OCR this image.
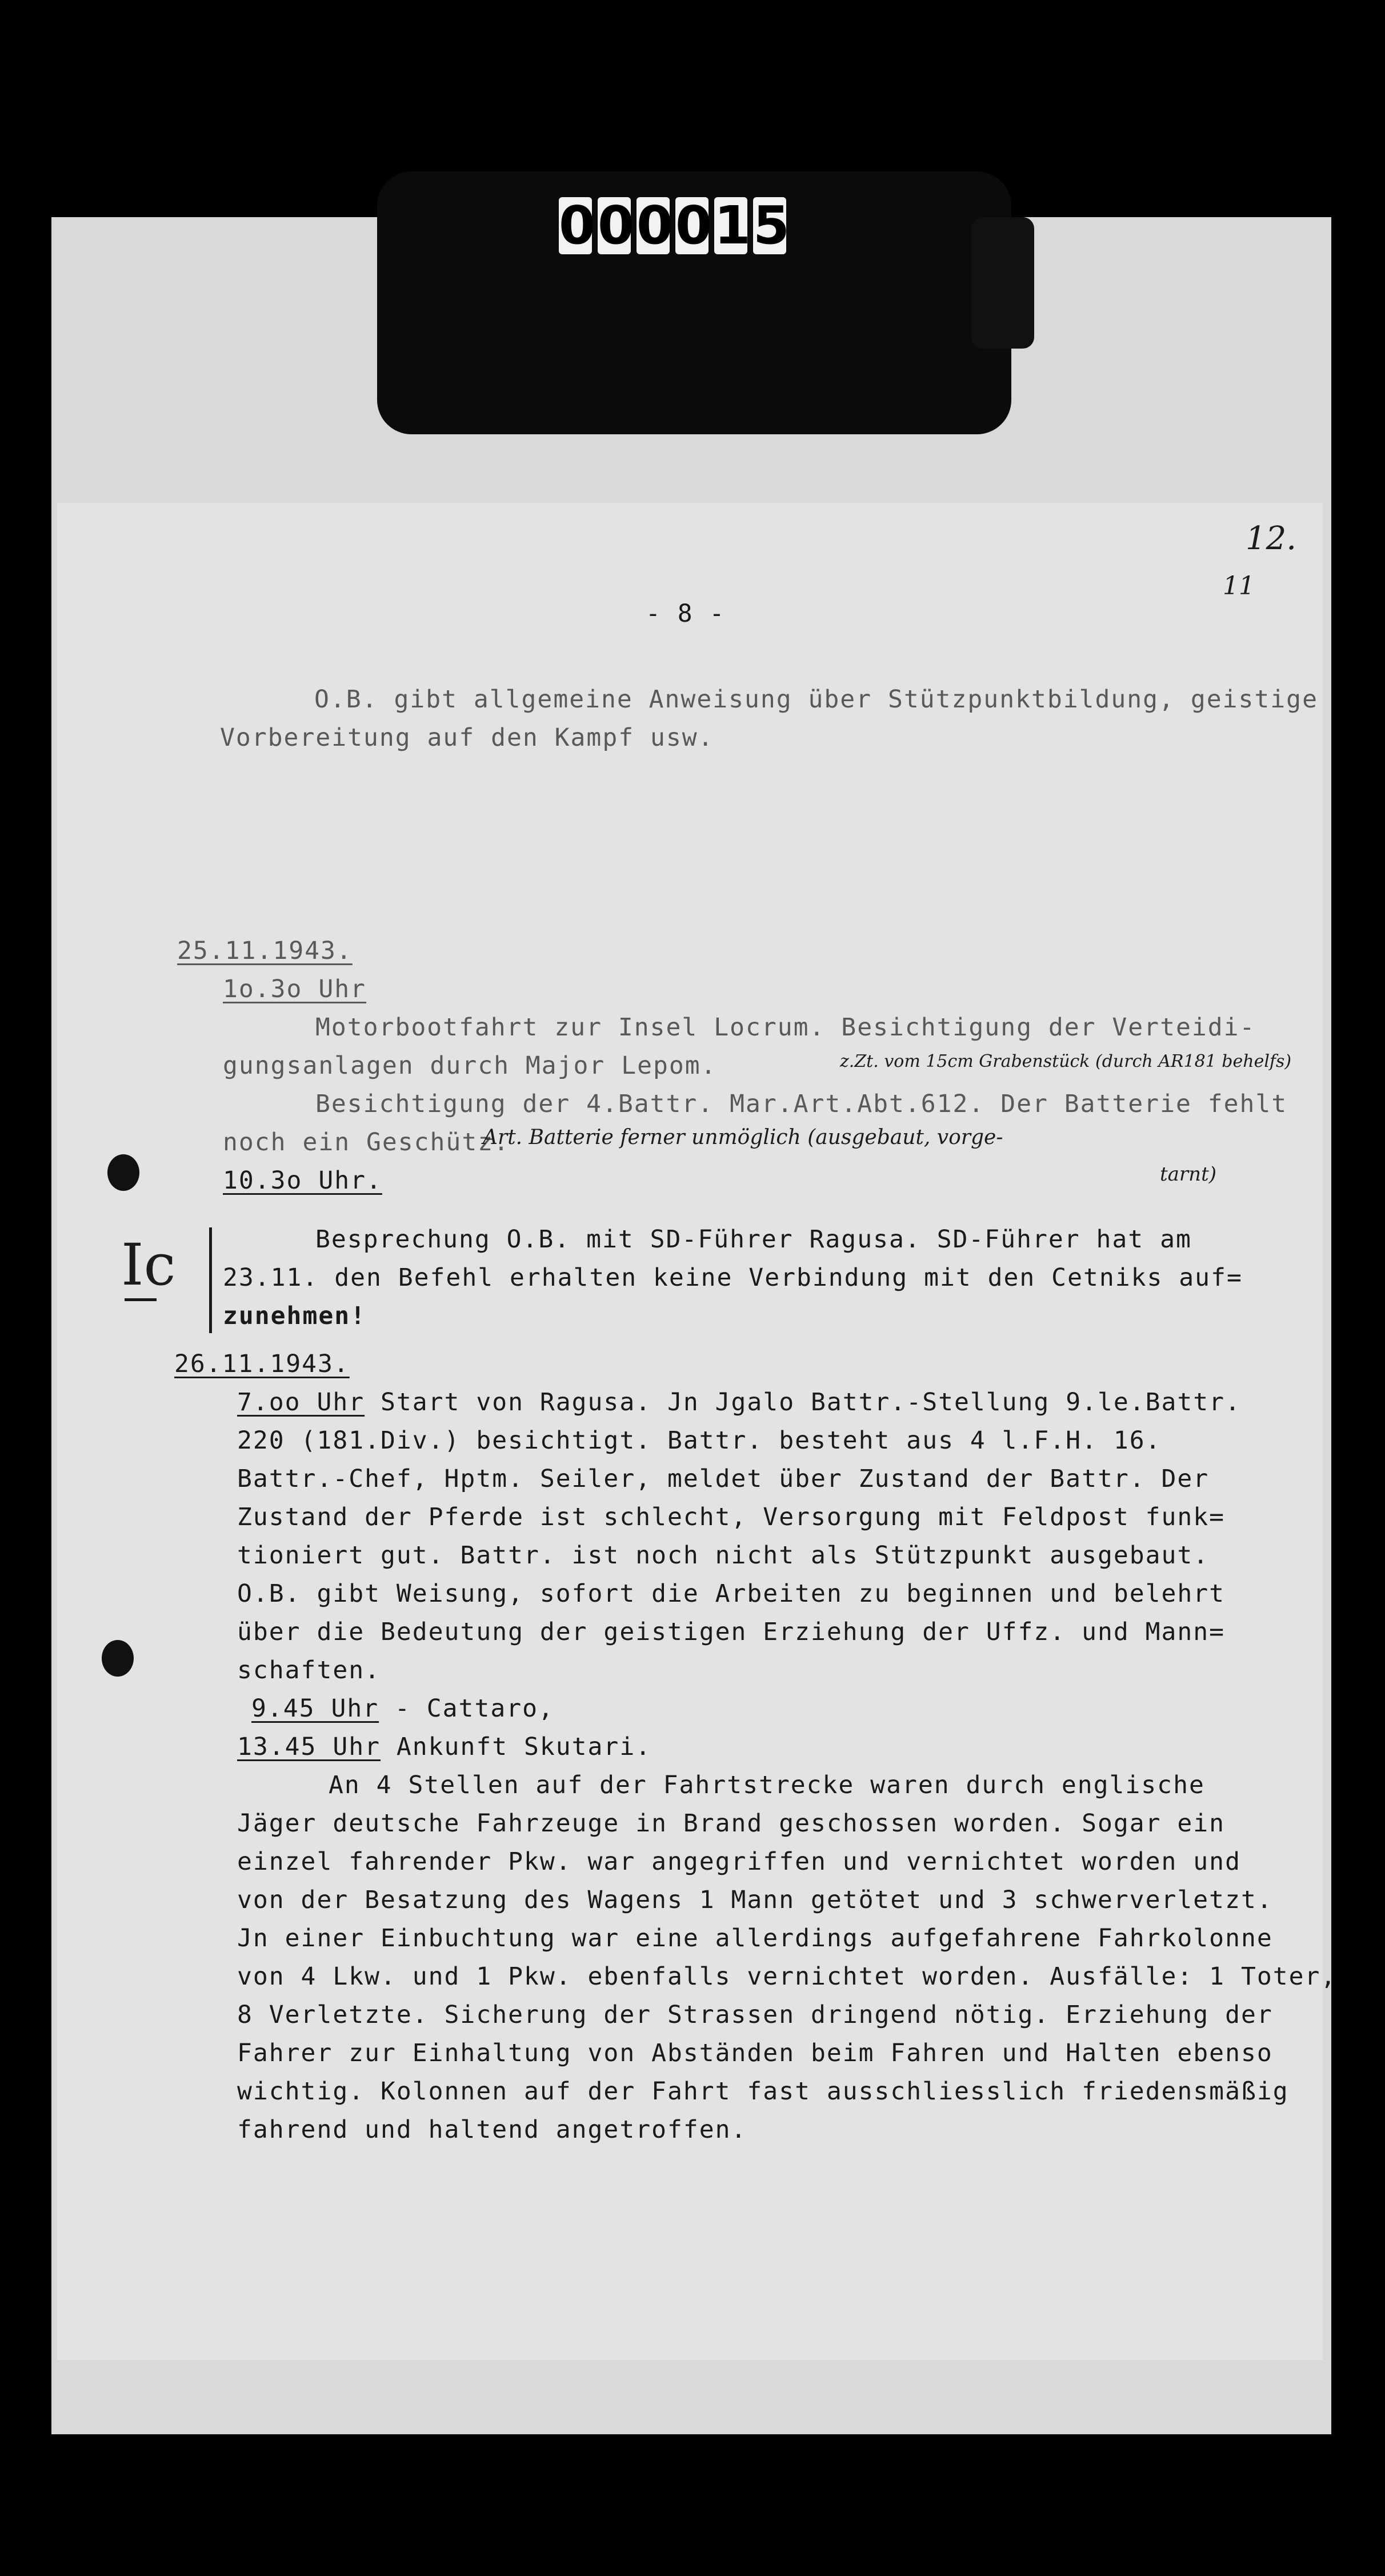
0 0 0 0 1 5
12.
11
- 8 -
O.B. gibt allgemeine Anweisung über Stützpunktbildung, geistige
Vorbereitung auf den Kampf usw.
25.11.1943.
1o.3o Uhr
Motorbootfahrt zur Insel Locrum. Besichtigung der Verteidi-
gungsanlagen durch Major Lepom.
Besichtigung der 4.Battr. Mar.Art.Abt.612. Der Batterie fehlt
noch ein Geschütz.
z.Zt. vom 15cm Grabenstück (durch AR181 behelfs)
Art. Batterie ferner unmöglich (ausgebaut, vorge-
tarnt)
10.3o Uhr.
Ic	Besprechung O.B. mit SD-Führer Ragusa. SD-Führer hat am
23.11. den Befehl erhalten keine Verbindung mit den Cetniks auf=
zunehmen!
26.11.1943.
7.oo Uhr Start von Ragusa. Jn Jgalo Battr.-Stellung 9.le.Battr.
220 (181.Div.) besichtigt. Battr. besteht aus 4 l.F.H. 16.
Battr.-Chef, Hptm. Seiler, meldet über Zustand der Battr. Der
Zustand der Pferde ist schlecht, Versorgung mit Feldpost funk=
tioniert gut. Battr. ist noch nicht als Stützpunkt ausgebaut.
O.B. gibt Weisung, sofort die Arbeiten zu beginnen und belehrt
über die Bedeutung der geistigen Erziehung der Uffz. und Mann=
schaften.
9.45 Uhr - Cattaro,
13.45 Uhr Ankunft Skutari.
An 4 Stellen auf der Fahrtstrecke waren durch englische
Jäger deutsche Fahrzeuge in Brand geschossen worden. Sogar ein
einzel fahrender Pkw. war angegriffen und vernichtet worden und
von der Besatzung des Wagens 1 Mann getötet und 3 schwerverletzt.
Jn einer Einbuchtung war eine allerdings aufgefahrene Fahrkolonne
von 4 Lkw. und 1 Pkw. ebenfalls vernichtet worden. Ausfälle: 1 Toter,
8 Verletzte. Sicherung der Strassen dringend nötig. Erziehung der
Fahrer zur Einhaltung von Abständen beim Fahren und Halten ebenso
wichtig. Kolonnen auf der Fahrt fast ausschliesslich friedensmäßig
fahrend und haltend angetroffen.
